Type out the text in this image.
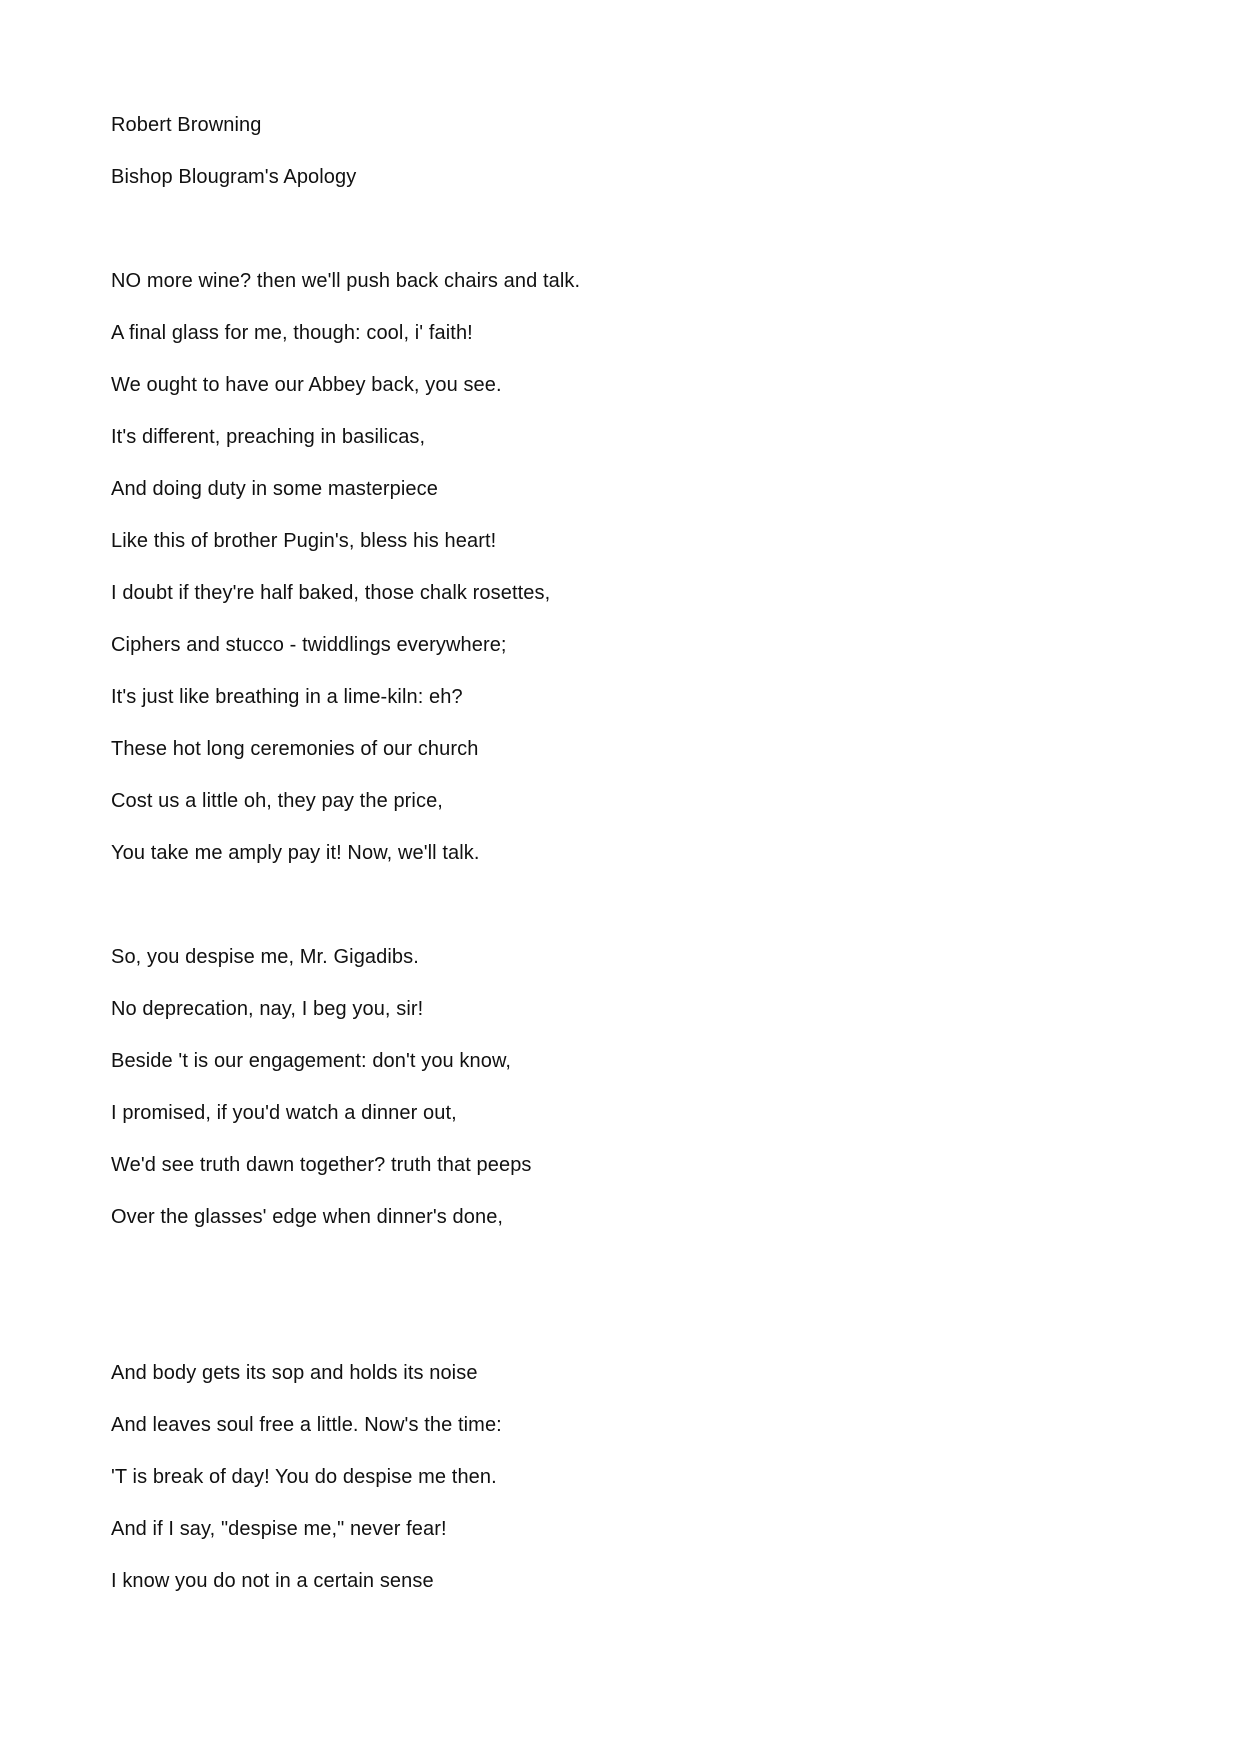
Robert Browning
Bishop Blougram's Apology
NO more wine? then we'll push back chairs and talk.
A final glass for me, though: cool, i' faith!
We ought to have our Abbey back, you see.
It's different, preaching in basilicas,
And doing duty in some masterpiece
Like this of brother Pugin's, bless his heart!
I doubt if they're half baked, those chalk rosettes,
Ciphers and stucco - twiddlings everywhere;
It's just like breathing in a lime-kiln: eh?
These hot long ceremonies of our church
Cost us a little oh, they pay the price,
You take me amply pay it! Now, we'll talk.
So, you despise me, Mr. Gigadibs.
No deprecation, nay, I beg you, sir!
Beside 't is our engagement: don't you know,
I promised, if you'd watch a dinner out,
We'd see truth dawn together? truth that peeps
Over the glasses' edge when dinner's done,
And body gets its sop and holds its noise
And leaves soul free a little. Now's the time:
'T is break of day! You do despise me then.
And if I say, "despise me," never fear!
I know you do not in a certain sense
